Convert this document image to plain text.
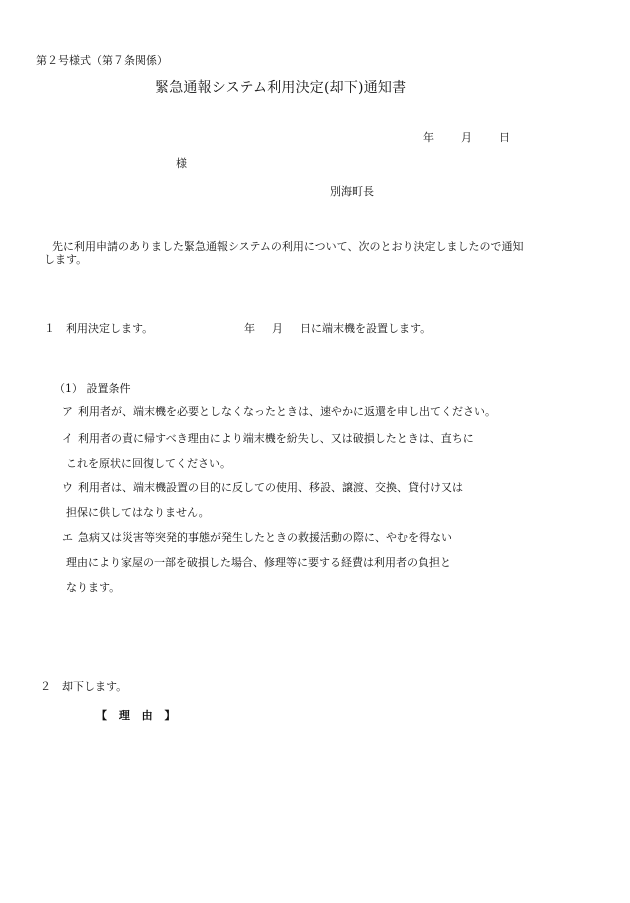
第２号様式（第７条関係）
緊急通報システム利用決定(却下)通知書
年 月 日
様
別海町長
先に利用申請のありました緊急通報システムの利用について、次のとおり決定しましたので通知
します。
１　利用決定します。	年 月 日に端末機を設置します。
（1） 設置条件
ア 利用者が、端末機を必要としなくなったときは、速やかに返還を申し出てください。
イ 利用者の責に帰すべき理由により端末機を紛失し、又は破損したときは、直ちに
これを原状に回復してください。
ウ 利用者は、端末機設置の目的に反しての使用、移設、譲渡、交換、貸付け又は
担保に供してはなりません。
エ 急病又は災害等突発的事態が発生したときの救援活動の際に、やむを得ない
理由により家屋の一部を破損した場合、修理等に要する経費は利用者の負担と
なります。
２　却下します。
【 理 由 】
